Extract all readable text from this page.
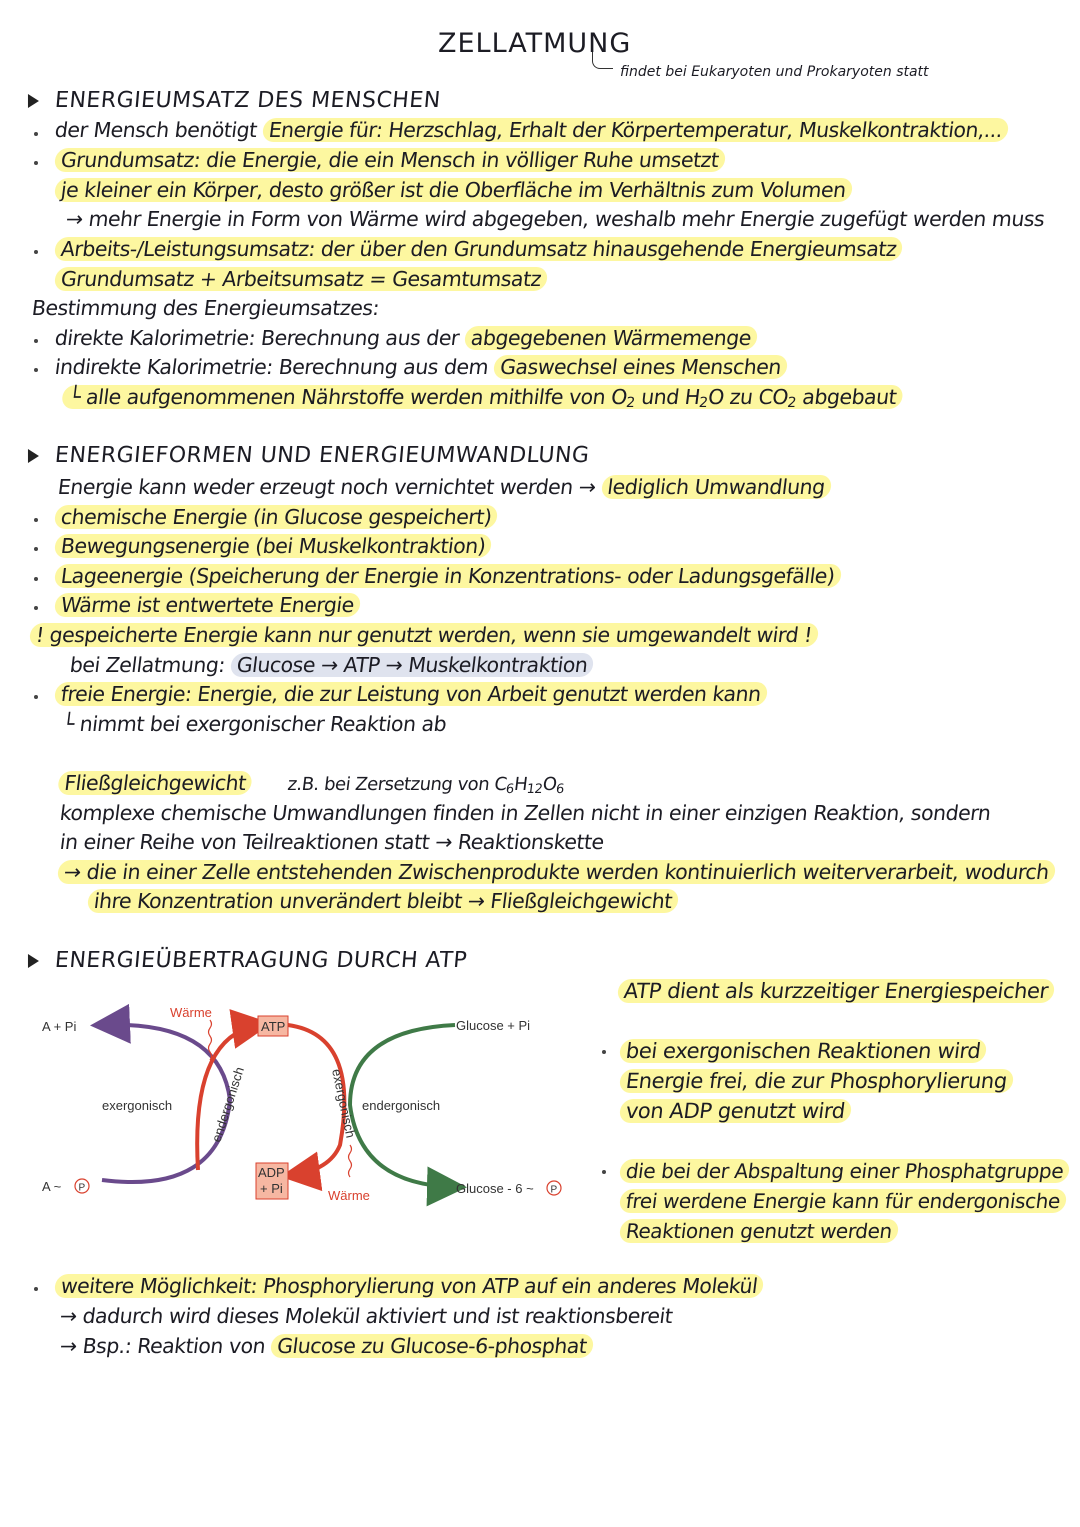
ZELLATMUNG
findet bei Eukaryoten und Prokaryoten statt
ENERGIEUMSATZ DES MENSCHEN
der Mensch benötigt Energie für: Herzschlag, Erhalt der Körpertemperatur, Muskelkontraktion,...
Grundumsatz: die Energie, die ein Mensch in völliger Ruhe umsetzt
je kleiner ein Körper, desto größer ist die Oberfläche im Verhältnis zum Volumen
→ mehr Energie in Form von Wärme wird abgegeben, weshalb mehr Energie zugefügt werden muss
Arbeits-/Leistungsumsatz: der über den Grundumsatz hinausgehende Energieumsatz
Grundumsatz + Arbeitsumsatz = Gesamtumsatz
Bestimmung des Energieumsatzes:
direkte Kalorimetrie: Berechnung aus der abgegebenen Wärmemenge
indirekte Kalorimetrie: Berechnung aus dem Gaswechsel eines Menschen
└ alle aufgenommenen Nährstoffe werden mithilfe von $O_2$ und $H_2O$ zu $CO_2$ abgebaut
ENERGIEFORMEN UND ENERGIEUMWANDLUNG
Energie kann weder erzeugt noch vernichtet werden → lediglich Umwandlung
chemische Energie (in Glucose gespeichert)
Bewegungsenergie (bei Muskelkontraktion)
Lageenergie (Speicherung der Energie in Konzentrations- oder Ladungsgefälle)
Wärme ist entwertete Energie
! gespeicherte Energie kann nur genutzt werden, wenn sie umgewandelt wird !
bei Zellatmung: Glucose → ATP → Muskelkontraktion
freie Energie: Energie, die zur Leistung von Arbeit genutzt werden kann
└ nimmt bei exergonischer Reaktion ab
Fließgleichgewicht z.B. bei Zersetzung von C6H12O6
komplexe chemische Umwandlungen finden in Zellen nicht in einer einzigen Reaktion, sondern
in einer Reihe von Teilreaktionen statt → Reaktionskette
→ die in einer Zelle entstehenden Zwischenprodukte werden kontinuierlich weiterverarbeit, wodurch
ihre Konzentration unverändert bleibt → Fließgleichgewicht
ENERGIEÜBERTRAGUNG DURCH ATP
A + Pi
A ~ P
Wärme
ATP
exergonisch	endergonisch	exergonisch endergonisch
ADP
+ Pi	Wärme
Glucose + Pi
Glucose - 6 ~ P
ATP dient als kurzzeitiger Energiespeicher
bei exergonischen Reaktionen wird
Energie frei, die zur Phosphorylierung
von ADP genutzt wird
die bei der Abspaltung einer Phosphatgruppe
frei werdene Energie kann für endergonische
Reaktionen genutzt werden
weitere Möglichkeit: Phosphorylierung von ATP auf ein anderes Molekül
→ dadurch wird dieses Molekül aktiviert und ist reaktionsbereit
→ Bsp.: Reaktion von Glucose zu Glucose-6-phosphat
